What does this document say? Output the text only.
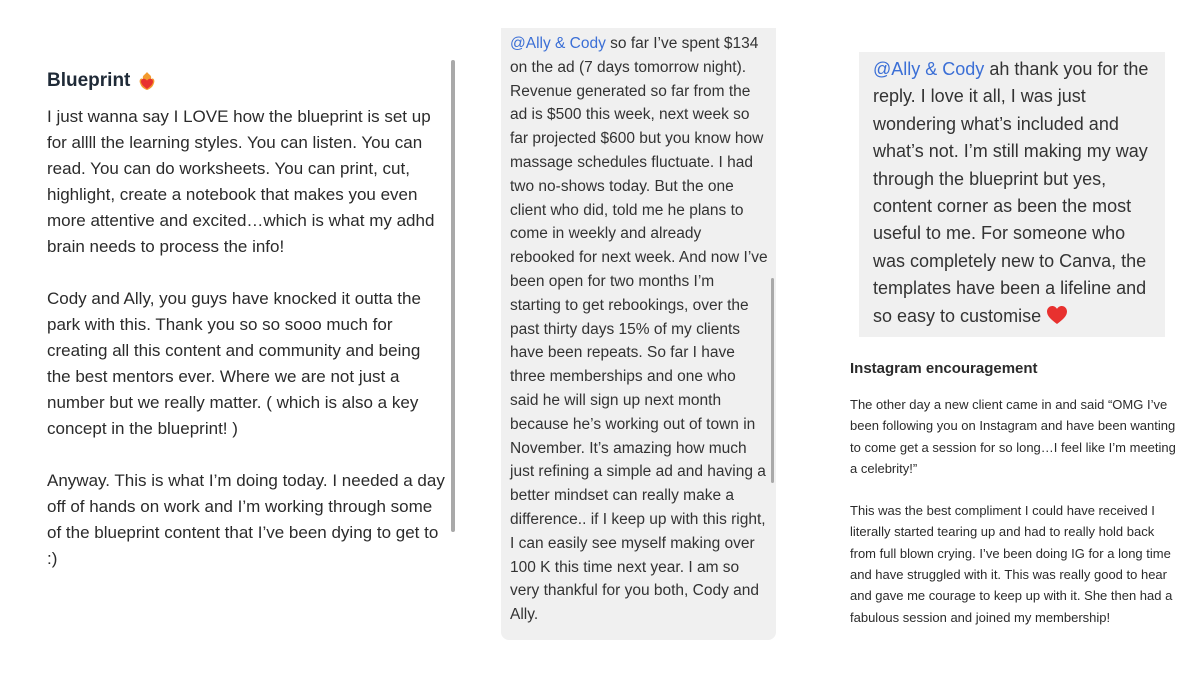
Blueprint

I just wanna say I LOVE how the blueprint is set up for allll the learning styles. You can listen. You can read. You can do worksheets. You can print, cut, highlight, create a notebook that makes you even more attentive and excited…which is what my adhd brain needs to process the info!

Cody and Ally, you guys have knocked it outta the park with this. Thank you so so sooo much for creating all this content and community and being the best mentors ever. Where we are not just a number but we really matter. ( which is also a key concept in the blueprint! )

Anyway. This is what I’m doing today. I needed a day off of hands on work and I’m working through some of the blueprint content that I’ve been dying to get to :)

@Ally & Cody so far I’ve spent $134 on the ad (7 days tomorrow night). Revenue generated so far from the ad is $500 this week, next week so far projected $600 but you know how massage schedules fluctuate. I had two no-shows today. But the one client who did, told me he plans to come in weekly and already rebooked for next week. And now I’ve been open for two months I’m starting to get rebookings, over the past thirty days 15% of my clients have been repeats. So far I have three memberships and one who said he will sign up next month because he’s working out of town in November. It’s amazing how much just refining a simple ad and having a better mindset can really make a difference.. if I keep up with this right, I can easily see myself making over 100 K this time next year. I am so very thankful for you both, Cody and Ally.

@Ally & Cody ah thank you for the reply. I love it all, I was just wondering what’s included and what’s not. I’m still making my way through the blueprint but yes, content corner as been the most useful to me. For someone who was completely new to Canva, the templates have been a lifeline and so easy to customise

Instagram encouragement

The other day a new client came in and said “OMG I’ve been following you on Instagram and have been wanting to come get a session for so long…I feel like I’m meeting a celebrity!”

This was the best compliment I could have received I literally started tearing up and had to really hold back from full blown crying. I’ve been doing IG for a long time and have struggled with it. This was really good to hear and gave me courage to keep up with it. She then had a fabulous session and joined my membership!
